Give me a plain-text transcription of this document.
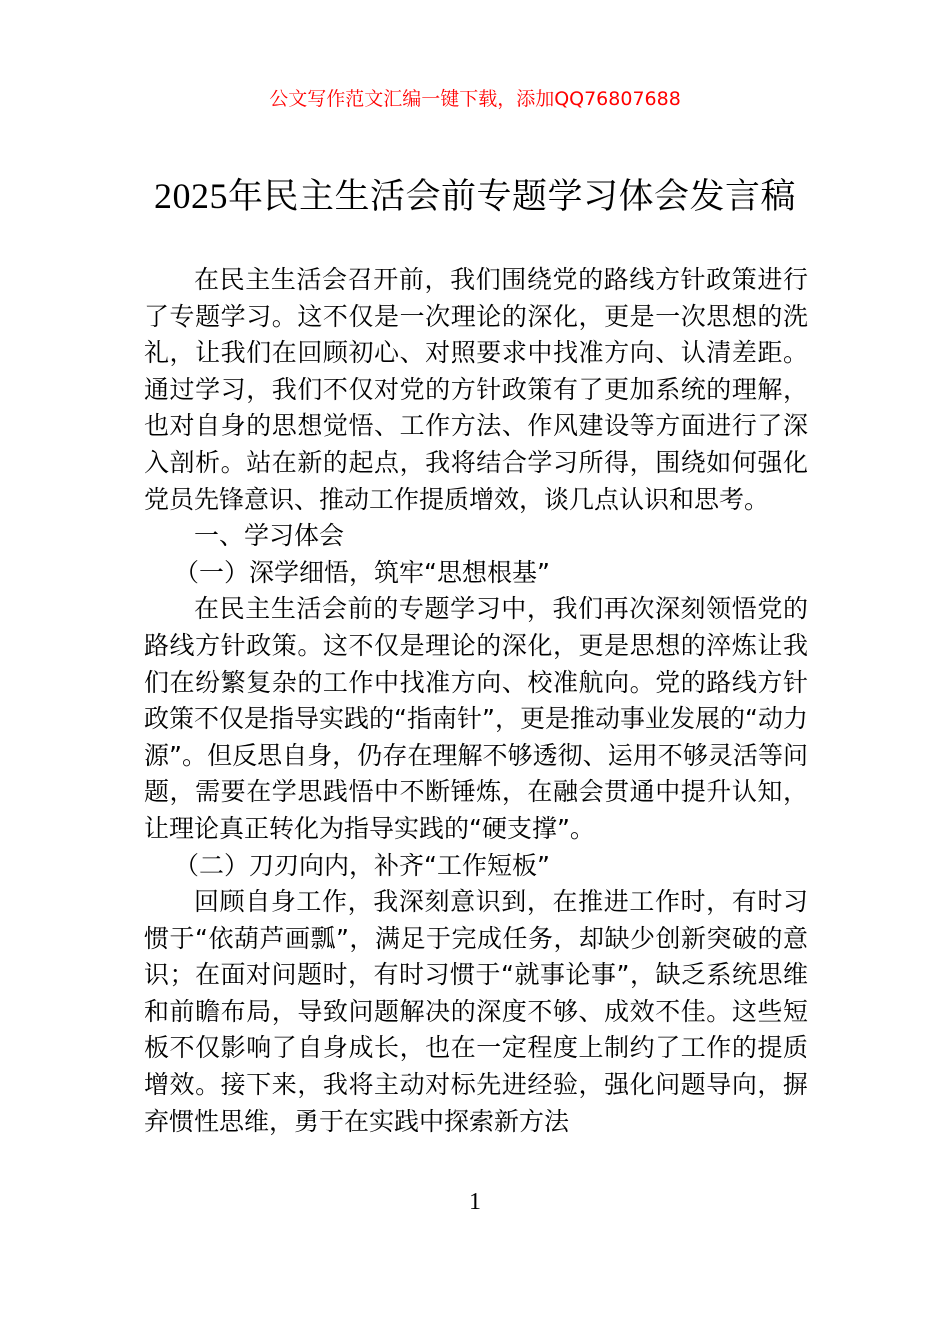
公文写作范文汇编一键下载，添加QQ76807688
2025年民主生活会前专题学习体会发言稿

在民主生活会召开前，我们围绕党的路线方针政策进行了专题学习。这不仅是一次理论的深化，更是一次思想的洗礼，让我们在回顾初心、对照要求中找准方向、认清差距。通过学习，我们不仅对党的方针政策有了更加系统的理解，也对自身的思想觉悟、工作方法、作风建设等方面进行了深入剖析。站在新的起点，我将结合学习所得，围绕如何强化党员先锋意识、推动工作提质增效，谈几点认识和思考。

一、学习体会
（一）深学细悟，筑牢“思想根基”

在民主生活会前的专题学习中，我们再次深刻领悟党的路线方针政策。这不仅是理论的深化，更是思想的淬炼让我们在纷繁复杂的工作中找准方向、校准航向。党的路线方针政策不仅是指导实践的“指南针”，更是推动事业发展的“动力源”。但反思自身，仍存在理解不够透彻、运用不够灵活等问题，需要在学思践悟中不断锤炼，在融会贯通中提升认知，让理论真正转化为指导实践的“硬支撑”。

（二）刀刃向内，补齐“工作短板”

回顾自身工作，我深刻意识到，在推进工作时，有时习惯于“依葫芦画瓢”，满足于完成任务，却缺少创新突破的意识；在面对问题时，有时习惯于“就事论事”，缺乏系统思维和前瞻布局，导致问题解决的深度不够、成效不佳。这些短板不仅影响了自身成长，也在一定程度上制约了工作的提质增效。接下来，我将主动对标先进经验，强化问题导向，摒弃惯性思维，勇于在实践中探索新方法

1
